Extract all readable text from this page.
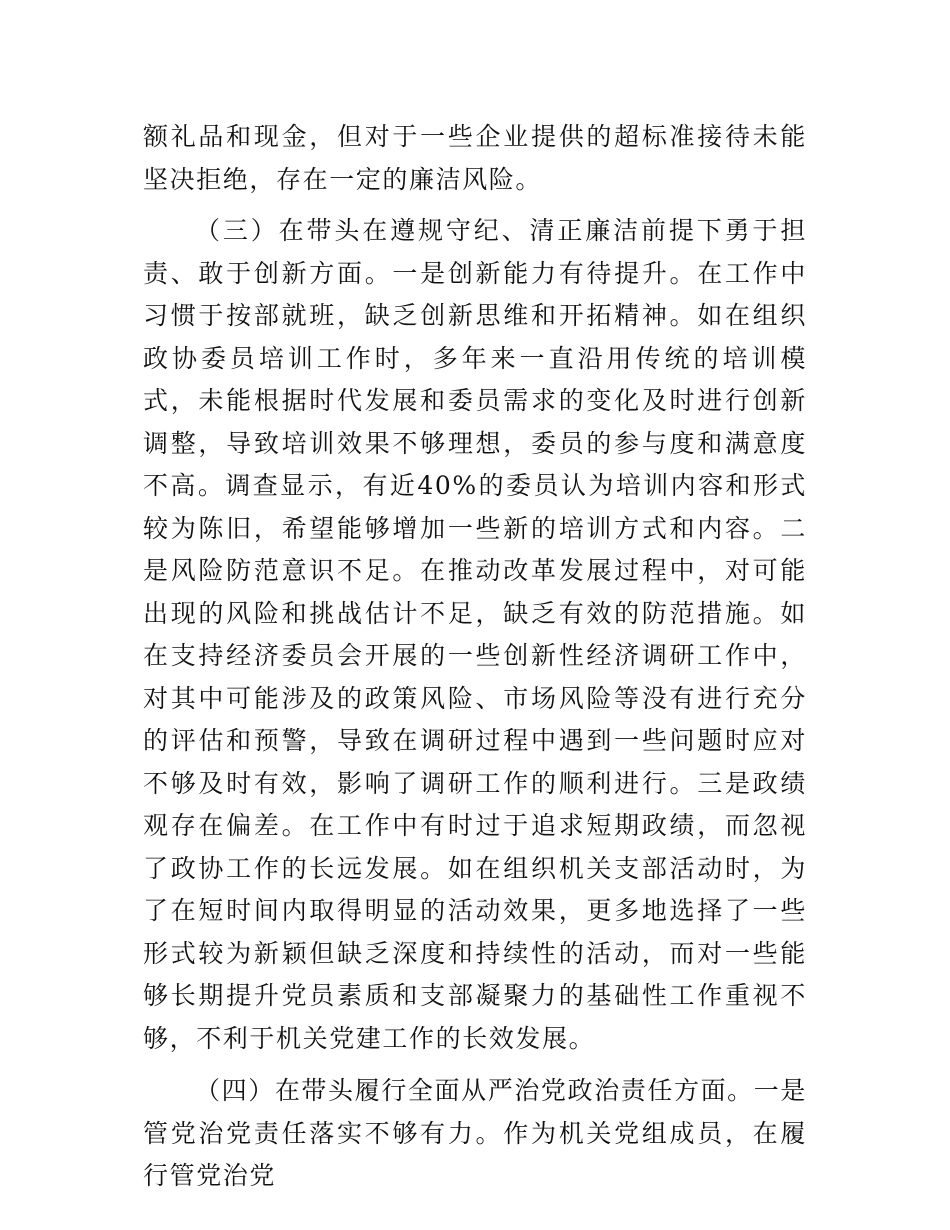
额礼品和现金，但对于一些企业提供的超标准接待未能坚决拒绝，存在一定的廉洁风险。

（三）在带头在遵规守纪、清正廉洁前提下勇于担责、敢于创新方面。一是创新能力有待提升。在工作中习惯于按部就班，缺乏创新思维和开拓精神。如在组织政协委员培训工作时，多年来一直沿用传统的培训模式，未能根据时代发展和委员需求的变化及时进行创新调整，导致培训效果不够理想，委员的参与度和满意度不高。调查显示，有近40%的委员认为培训内容和形式较为陈旧，希望能够增加一些新的培训方式和内容。二是风险防范意识不足。在推动改革发展过程中，对可能出现的风险和挑战估计不足，缺乏有效的防范措施。如在支持经济委员会开展的一些创新性经济调研工作中，对其中可能涉及的政策风险、市场风险等没有进行充分的评估和预警，导致在调研过程中遇到一些问题时应对不够及时有效，影响了调研工作的顺利进行。三是政绩观存在偏差。在工作中有时过于追求短期政绩，而忽视了政协工作的长远发展。如在组织机关支部活动时，为了在短时间内取得明显的活动效果，更多地选择了一些形式较为新颖但缺乏深度和持续性的活动，而对一些能够长期提升党员素质和支部凝聚力的基础性工作重视不够，不利于机关党建工作的长效发展。

（四）在带头履行全面从严治党政治责任方面。一是管党治党责任落实不够有力。作为机关党组成员，在履行管党治党
